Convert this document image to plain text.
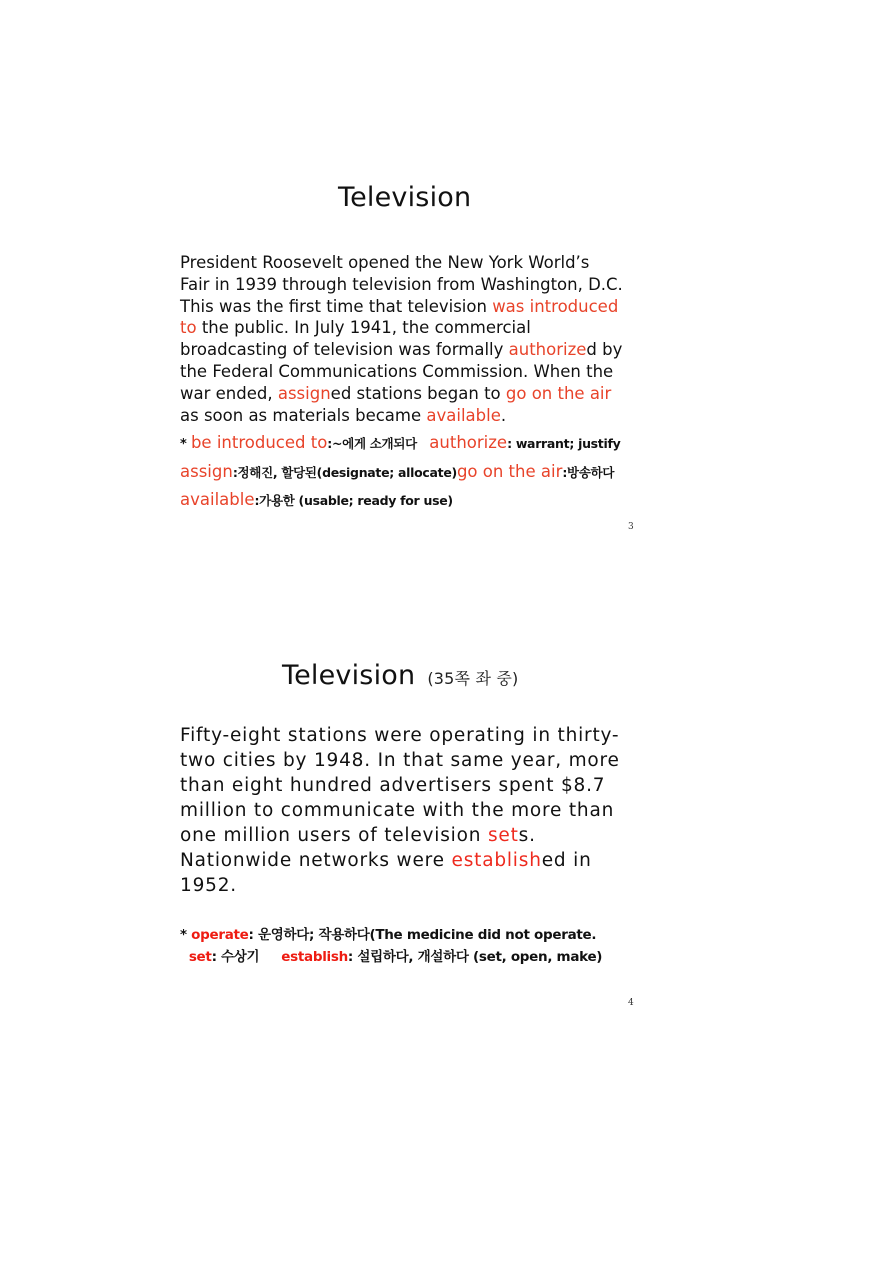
Television
President Roosevelt opened the New York World’s
Fair in 1939 through television from Washington, D.C.
This was the first time that television was introduced
to the public. In July 1941, the commercial
broadcasting of television was formally authorized by
the Federal Communications Commission. When the
war ended, assigned stations began to go on the air
as soon as materials became available.
* be introduced to:~에게 소개되다 authorize: warrant; justify
assign:정해진, 할당된(designate; allocate)go on the air:방송하다
available:가용한 (usable; ready for use)
3
Television (35쪽 좌 중)
Fifty-eight stations were operating in thirty-
two cities by 1948. In that same year, more
than eight hundred advertisers spent $8.7
million to communicate with the more than
one million users of television sets.
Nationwide networks were established in
1952.
* operate: 운영하다; 작용하다(The medicine did not operate.
set: 수상기 establish: 설립하다, 개설하다 (set, open, make)
4
